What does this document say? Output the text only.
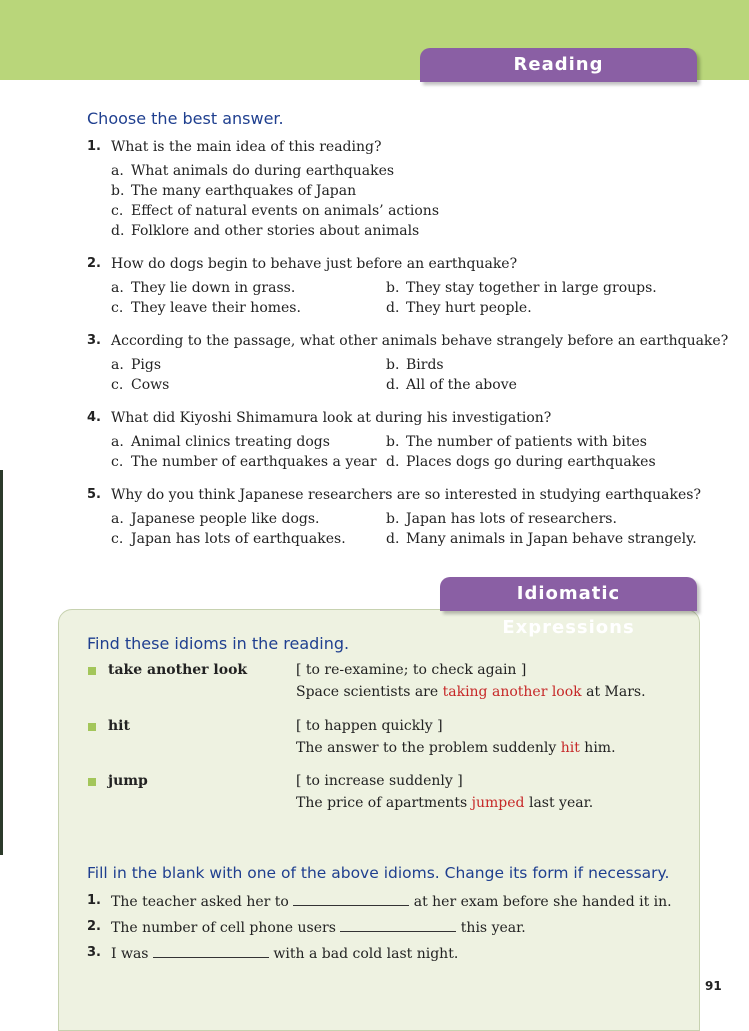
Reading Comprehension
Choose the best answer.
1. What is the main idea of this reading?
a. What animals do during earthquakes
b. The many earthquakes of Japan
c. Effect of natural events on animals’ actions
d. Folklore and other stories about animals
2. How do dogs begin to behave just before an earthquake?
a. They lie down in grass.	b. They stay together in large groups.
c. They leave their homes.	d. They hurt people.
3. According to the passage, what other animals behave strangely before an earthquake?
a. Pigs	b. Birds
c. Cows	d. All of the above
4. What did Kiyoshi Shimamura look at during his investigation?
a. Animal clinics treating dogs	b. The number of patients with bites
c. The number of earthquakes a year d. Places dogs go during earthquakes
5. Why do you think Japanese researchers are so interested in studying earthquakes?
a. Japanese people like dogs.	b. Japan has lots of researchers.
c. Japan has lots of earthquakes.	d. Many animals in Japan behave strangely.
Idiomatic Expressions
Find these idioms in the reading.
take another look	[ to re-examine; to check again ]
Space scientists are taking another look at Mars.
hit	[ to happen quickly ]
The answer to the problem suddenly hit him.
jump	[ to increase suddenly ]
The price of apartments jumped last year.
Fill in the blank with one of the above idioms. Change its form if necessary.
1. The teacher asked her to	at her exam before she handed it in.
2. The number of cell phone users	this year.
3. I was	with a bad cold last night.
91
